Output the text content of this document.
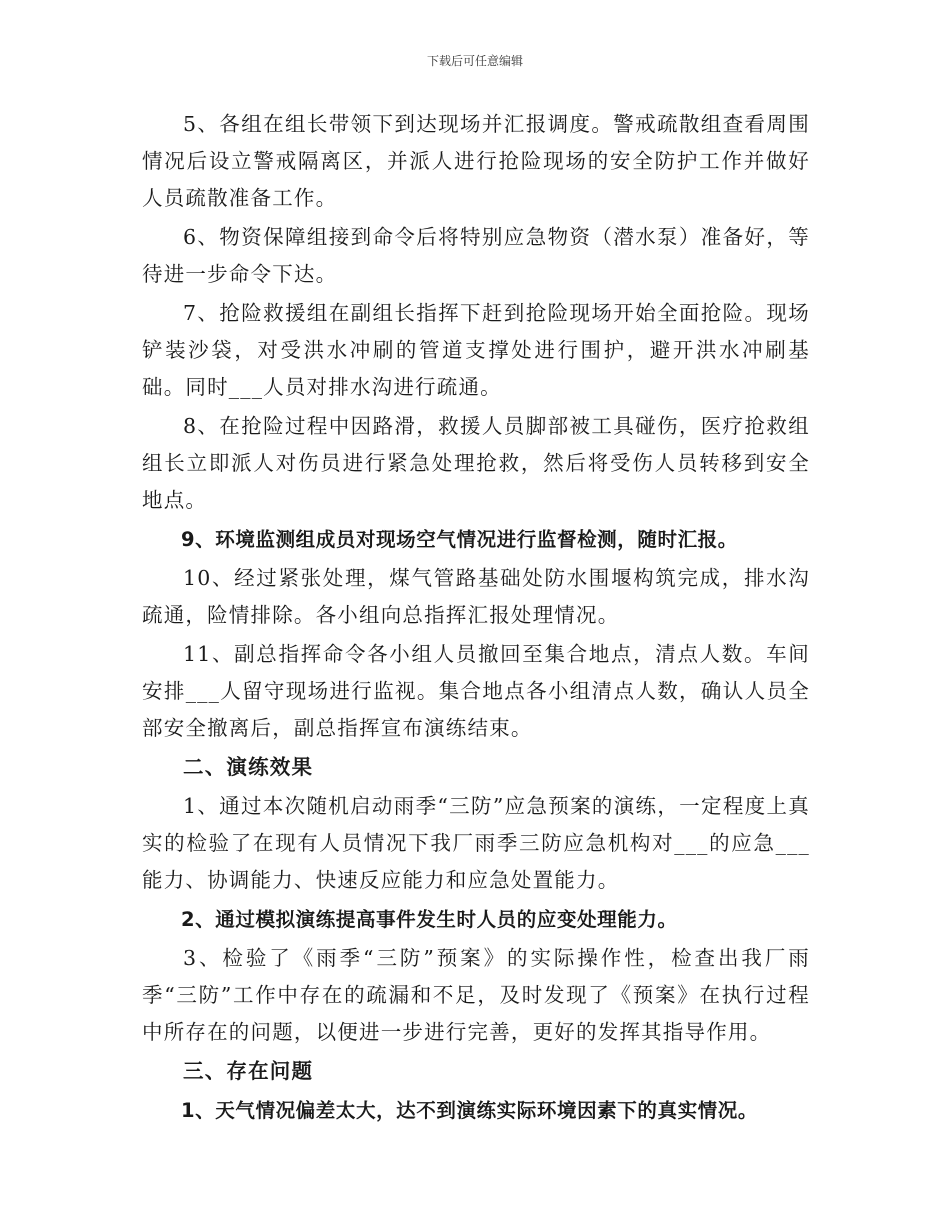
下载后可任意编辑

5、各组在组长带领下到达现场并汇报调度。警戒疏散组查看周围情况后设立警戒隔离区，并派人进行抢险现场的安全防护工作并做好人员疏散准备工作。

6、物资保障组接到命令后将特别应急物资（潜水泵）准备好，等待进一步命令下达。

7、抢险救援组在副组长指挥下赶到抢险现场开始全面抢险。现场铲装沙袋，对受洪水冲刷的管道支撑处进行围护，避开洪水冲刷基础。同时___人员对排水沟进行疏通。

8、在抢险过程中因路滑，救援人员脚部被工具碰伤，医疗抢救组组长立即派人对伤员进行紧急处理抢救，然后将受伤人员转移到安全地点。

9、环境监测组成员对现场空气情况进行监督检测，随时汇报。

10、经过紧张处理，煤气管路基础处防水围堰构筑完成，排水沟疏通，险情排除。各小组向总指挥汇报处理情况。

11、副总指挥命令各小组人员撤回至集合地点，清点人数。车间安排___人留守现场进行监视。集合地点各小组清点人数，确认人员全部安全撤离后，副总指挥宣布演练结束。

二、演练效果

1、通过本次随机启动雨季“三防”应急预案的演练，一定程度上真实的检验了在现有人员情况下我厂雨季三防应急机构对___的应急___能力、协调能力、快速反应能力和应急处置能力。

2、通过模拟演练提高事件发生时人员的应变处理能力。

3、检验了《雨季“三防”预案》的实际操作性，检查出我厂雨季“三防”工作中存在的疏漏和不足，及时发现了《预案》在执行过程中所存在的问题，以便进一步进行完善，更好的发挥其指导作用。

三、存在问题

1、天气情况偏差太大，达不到演练实际环境因素下的真实情况。
